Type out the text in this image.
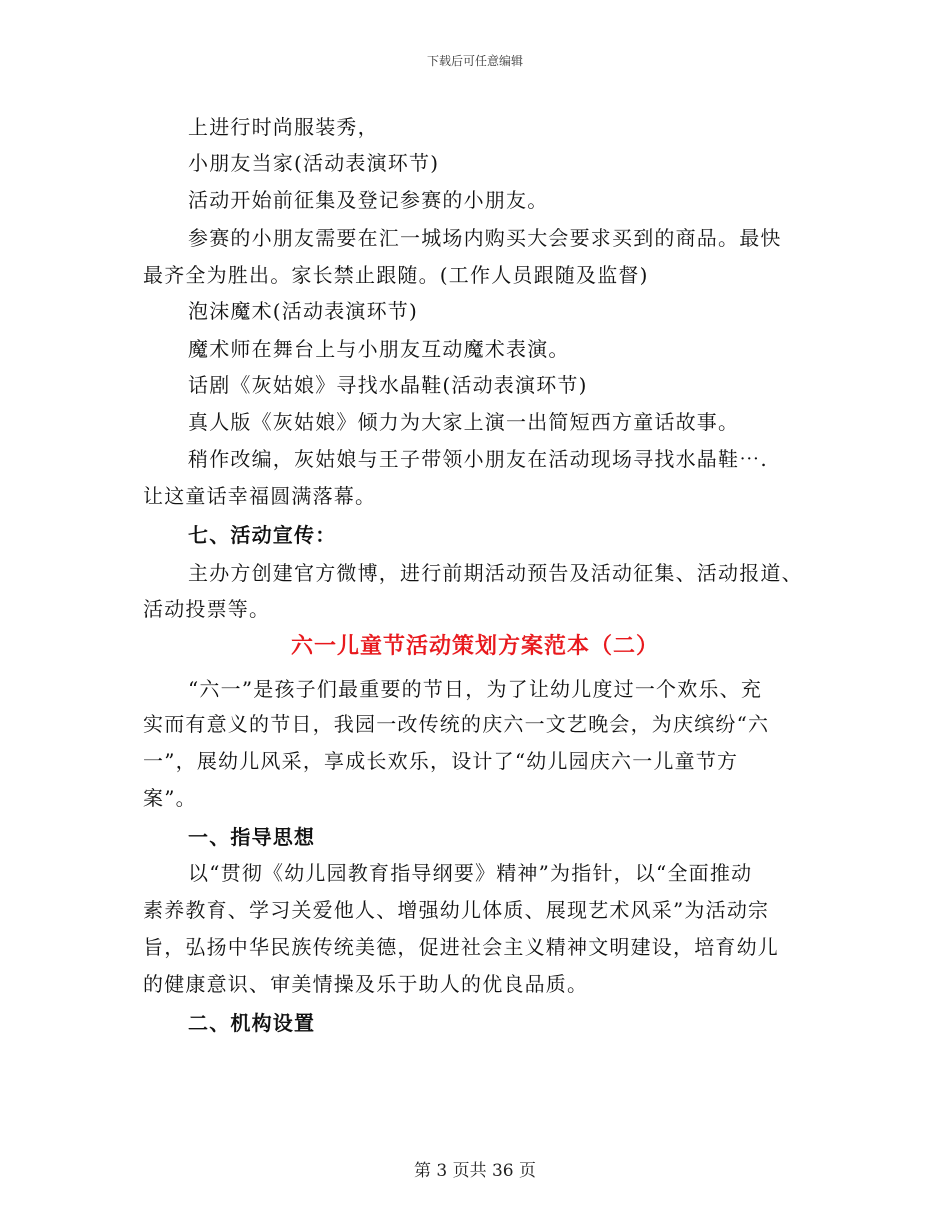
下载后可任意编辑
上进行时尚服装秀，
小朋友当家(活动表演环节)
活动开始前征集及登记参赛的小朋友。
参赛的小朋友需要在汇一城场内购买大会要求买到的商品。最快
最齐全为胜出。家长禁止跟随。(工作人员跟随及监督)
泡沫魔术(活动表演环节)
魔术师在舞台上与小朋友互动魔术表演。
话剧《灰姑娘》寻找水晶鞋(活动表演环节)
真人版《灰姑娘》倾力为大家上演一出简短西方童话故事。
稍作改编，灰姑娘与王子带领小朋友在活动现场寻找水晶鞋⋯.
让这童话幸福圆满落幕。
七、活动宣传：
主办方创建官方微博，进行前期活动预告及活动征集、活动报道、
活动投票等。
六一儿童节活动策划方案范本（二）
“六一”是孩子们最重要的节日，为了让幼儿度过一个欢乐、充
实而有意义的节日，我园一改传统的庆六一文艺晚会，为庆缤纷“六
一”，展幼儿风采，享成长欢乐，设计了“幼儿园庆六一儿童节方
案”。
一、指导思想
以“贯彻《幼儿园教育指导纲要》精神”为指针，以“全面推动
素养教育、学习关爱他人、增强幼儿体质、展现艺术风采”为活动宗
旨，弘扬中华民族传统美德，促进社会主义精神文明建设，培育幼儿
的健康意识、审美情操及乐于助人的优良品质。
二、机构设置
第 3 页共 36 页
